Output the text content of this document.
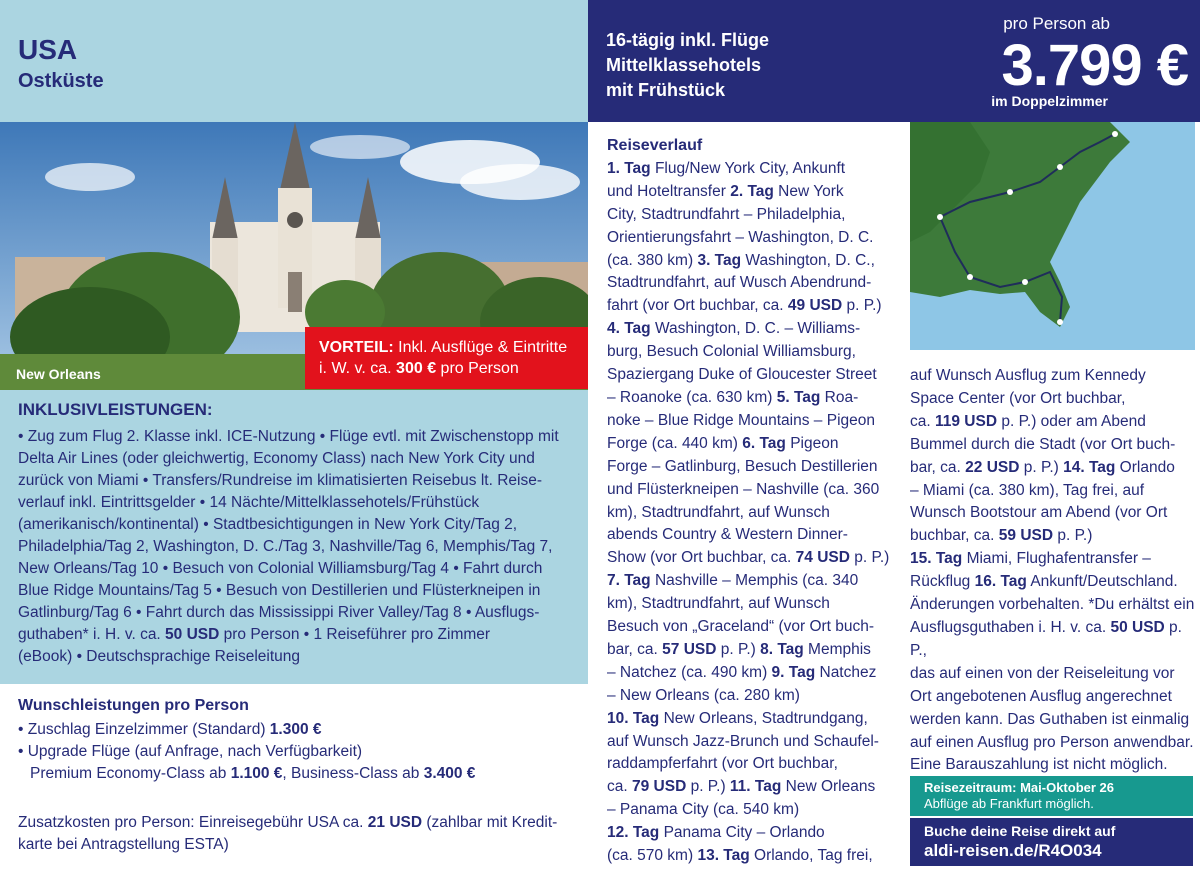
USA
Ostküste
New Orleans
VORTEIL: Inkl. Ausflüge & Eintritte
i. W. v. ca. 300 € pro Person
INKLUSIVLEISTUNGEN:
• Zug zum Flug 2. Klasse inkl. ICE-Nutzung • Flüge evtl. mit Zwischenstopp mit
Delta Air Lines (oder gleichwertig, Economy Class) nach New York City und
zurück von Miami • Transfers/Rundreise im klimatisierten Reisebus lt. Reise-
verlauf inkl. Eintrittsgelder • 14 Nächte/Mittelklassehotels/Frühstück
(amerikanisch/kontinental) • Stadtbesichtigungen in New York City/Tag 2,
Philadelphia/Tag 2, Washington, D. C./Tag 3, Nashville/Tag 6, Memphis/Tag 7,
New Orleans/Tag 10 • Besuch von Colonial Williamsburg/Tag 4 • Fahrt durch
Blue Ridge Mountains/Tag 5 • Besuch von Destillerien und Flüsterkneipen in
Gatlinburg/Tag 6 • Fahrt durch das Mississippi River Valley/Tag 8 • Ausflugs-
guthaben* i. H. v. ca. 50 USD pro Person • 1 Reiseführer pro Zimmer
(eBook) • Deutschsprachige Reiseleitung
Wunschleistungen pro Person
• Zuschlag Einzelzimmer (Standard) 1.300 €
• Upgrade Flüge (auf Anfrage, nach Verfügbarkeit)
Premium Economy-Class ab 1.100 €, Business-Class ab 3.400 €
Zusatzkosten pro Person: Einreisegebühr USA ca. 21 USD (zahlbar mit Kredit-
karte bei Antragstellung ESTA)
16-tägig inkl. Flüge
Mittelklassehotels
mit Frühstück
pro Person ab
3.799 €
im Doppelzimmer
Reiseverlauf
1. Tag Flug/New York City, Ankunft
und Hoteltransfer 2. Tag New York
City, Stadtrundfahrt – Philadelphia,
Orientierungsfahrt – Washington, D. C.
(ca. 380 km) 3. Tag Washington, D. C.,
Stadtrundfahrt, auf Wusch Abendrund-
fahrt (vor Ort buchbar, ca. 49 USD p. P.)
4. Tag Washington, D. C. – Williams-
burg, Besuch Colonial Williamsburg,
Spaziergang Duke of Gloucester Street
– Roanoke (ca. 630 km) 5. Tag Roa-
noke – Blue Ridge Mountains – Pigeon
Forge (ca. 440 km) 6. Tag Pigeon
Forge – Gatlinburg, Besuch Destillerien
und Flüsterkneipen – Nashville (ca. 360
km), Stadtrundfahrt, auf Wunsch
abends Country & Western Dinner-
Show (vor Ort buchbar, ca. 74 USD p. P.)
7. Tag Nashville – Memphis (ca. 340
km), Stadtrundfahrt, auf Wunsch
Besuch von „Graceland“ (vor Ort buch-
bar, ca. 57 USD p. P.) 8. Tag Memphis
– Natchez (ca. 490 km) 9. Tag Natchez
– New Orleans (ca. 280 km)
10. Tag New Orleans, Stadtrundgang,
auf Wunsch Jazz-Brunch und Schaufel-
raddampferfahrt (vor Ort buchbar,
ca. 79 USD p. P.) 11. Tag New Orleans
– Panama City (ca. 540 km)
12. Tag Panama City – Orlando
(ca. 570 km) 13. Tag Orlando, Tag frei,
auf Wunsch Ausflug zum Kennedy
Space Center (vor Ort buchbar,
ca. 119 USD p. P.) oder am Abend
Bummel durch die Stadt (vor Ort buch-
bar, ca. 22 USD p. P.) 14. Tag Orlando
– Miami (ca. 380 km), Tag frei, auf
Wunsch Bootstour am Abend (vor Ort
buchbar, ca. 59 USD p. P.)
15. Tag Miami, Flughafentransfer –
Rückflug 16. Tag Ankunft/Deutschland.
Änderungen vorbehalten. *Du erhältst ein
Ausflugsguthaben i. H. v. ca. 50 USD p. P.,
das auf einen von der Reiseleitung vor
Ort angebotenen Ausflug angerechnet
werden kann. Das Guthaben ist einmalig
auf einen Ausflug pro Person anwendbar.
Eine Barauszahlung ist nicht möglich.
Reisezeitraum: Mai-Oktober 26
Abflüge ab Frankfurt möglich.
Buche deine Reise direkt auf
aldi-reisen.de/R4O034
